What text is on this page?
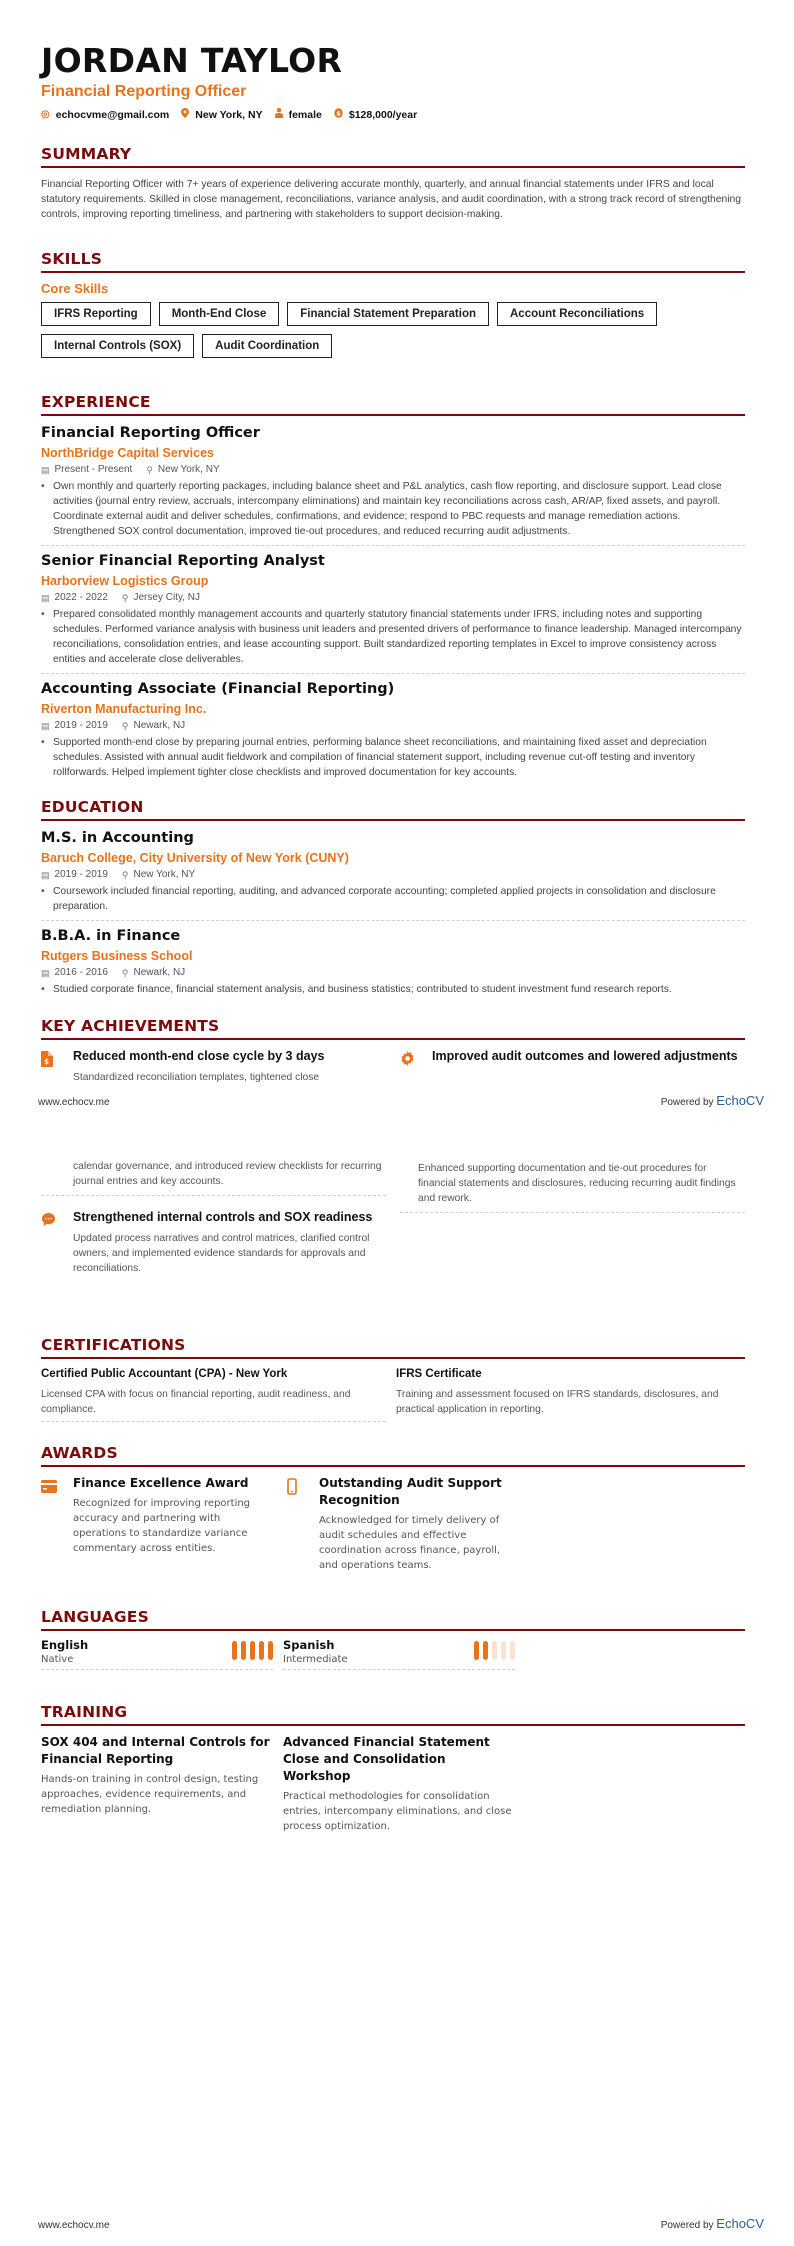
JORDAN TAYLOR
Financial Reporting Officer
◎ echocvme@gmail.com New York, NY female $ $128,000/year
SUMMARY

Financial Reporting Officer with 7+ years of experience delivering accurate monthly, quarterly, and annual financial statements under IFRS and local statutory requirements. Skilled in close management, reconciliations, variance analysis, and audit coordination, with a strong track record of strengthening controls, improving reporting timeliness, and partnering with stakeholders to support decision-making.

SKILLS
Core Skills
IFRS Reporting	Month-End Close	Financial Statement Preparation	Account Reconciliations
Internal Controls (SOX)	Audit Coordination
EXPERIENCE
Financial Reporting Officer
NorthBridge Capital Services
▤ Present - Present ⚲ New York, NY
• Own monthly and quarterly reporting packages, including balance sheet and P&L analytics, cash flow reporting, and disclosure support. Lead close activities (journal entry review, accruals, intercompany eliminations) and maintain key reconciliations across cash, AR/AP, fixed assets, and payroll. Coordinate external audit and deliver schedules, confirmations, and evidence; respond to PBC requests and manage remediation actions. Strengthened SOX control documentation, improved tie-out procedures, and reduced recurring audit adjustments.
Senior Financial Reporting Analyst
Harborview Logistics Group
▤ 2022 - 2022 ⚲ Jersey City, NJ
• Prepared consolidated monthly management accounts and quarterly statutory financial statements under IFRS, including notes and supporting schedules. Performed variance analysis with business unit leaders and presented drivers of performance to finance leadership. Managed intercompany reconciliations, consolidation entries, and lease accounting support. Built standardized reporting templates in Excel to improve consistency across entities and accelerate close deliverables.
Accounting Associate (Financial Reporting)
Riverton Manufacturing Inc.
▤ 2019 - 2019 ⚲ Newark, NJ
• Supported month-end close by preparing journal entries, performing balance sheet reconciliations, and maintaining fixed asset and depreciation schedules. Assisted with annual audit fieldwork and compilation of financial statement support, including revenue cut-off testing and inventory rollforwards. Helped implement tighter close checklists and improved documentation for key accounts.
EDUCATION
M.S. in Accounting
Baruch College, City University of New York (CUNY)
▤ 2019 - 2019 ⚲ New York, NY
• Coursework included financial reporting, auditing, and advanced corporate accounting; completed applied projects in consolidation and disclosure preparation.
B.B.A. in Finance
Rutgers Business School
▤ 2016 - 2016 ⚲ Newark, NJ
• Studied corporate finance, financial statement analysis, and business statistics; contributed to student investment fund research reports.
KEY ACHIEVEMENTS
$ Reduced month-end close cycle by 3 days
Standardized reconciliation templates, tightened close
Improved audit outcomes and lowered adjustments
www.echocv.me	Powered by EchoCV
calendar governance, and introduced review checklists for recurring journal entries and key accounts.
Strengthened internal controls and SOX readiness
Updated process narratives and control matrices, clarified control owners, and implemented evidence standards for approvals and reconciliations.
Enhanced supporting documentation and tie-out procedures for financial statements and disclosures, reducing recurring audit findings and rework.
CERTIFICATIONS
Certified Public Accountant (CPA) - New York
Licensed CPA with focus on financial reporting, audit readiness, and compliance.
IFRS Certificate
Training and assessment focused on IFRS standards, disclosures, and practical application in reporting.
AWARDS
Finance Excellence Award
Recognized for improving reporting accuracy and partnering with operations to standardize variance commentary across entities.
Outstanding Audit Support Recognition
Acknowledged for timely delivery of audit schedules and effective coordination across finance, payroll, and operations teams.
LANGUAGES
English
Native
Spanish
Intermediate
TRAINING
SOX 404 and Internal Controls for Financial Reporting
Hands-on training in control design, testing approaches, evidence requirements, and remediation planning.
Advanced Financial Statement Close and Consolidation Workshop
Practical methodologies for consolidation entries, intercompany eliminations, and close process optimization.
www.echocv.me	Powered by EchoCV
